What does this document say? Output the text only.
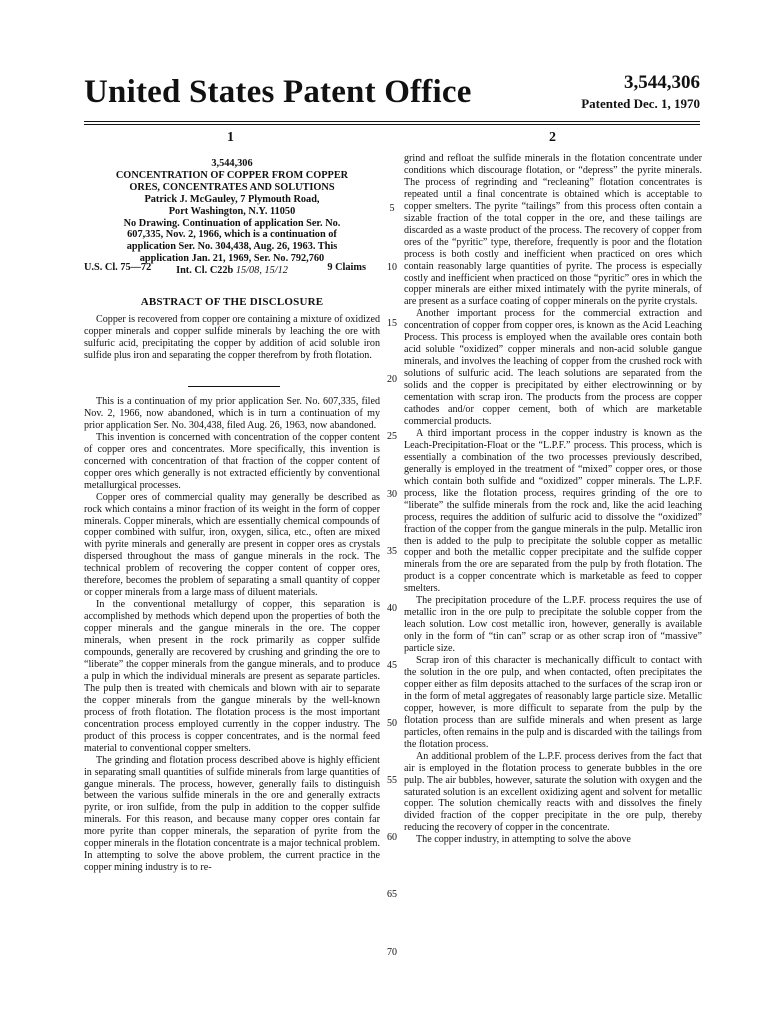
United States Patent Office	3,544,306
Patented Dec. 1, 1970
1	2
3,544,306
CONCENTRATION OF COPPER FROM COPPER
ORES, CONCENTRATES AND SOLUTIONS
Patrick J. McGauley, 7 Plymouth Road,
Port Washington, N.Y. 11050
No Drawing. Continuation of application Ser. No.
607,335, Nov. 2, 1966, which is a continuation of
application Ser. No. 304,438, Aug. 26, 1963. This
application Jan. 21, 1969, Ser. No. 792,760
Int. Cl. C22b 15/08, 15/12
U.S. Cl. 75—72	9 Claims
ABSTRACT OF THE DISCLOSURE

Copper is recovered from copper ore containing a mixture of oxidized copper minerals and copper sulfide minerals by leaching the ore with sulfuric acid, precipitating the copper by addition of acid soluble iron sulfide plus iron and separating the copper therefrom by froth flotation.

This is a continuation of my prior application Ser. No. 607,335, filed Nov. 2, 1966, now abandoned, which is in turn a continuation of my prior application Ser. No. 304,438, filed Aug. 26, 1963, now abandoned.

This invention is concerned with concentration of the copper content of copper ores and concentrates. More specifically, this invention is concerned with concentration of that fraction of the copper content of copper ores which generally is not extracted efficiently by conventional metallurgical processes.

Copper ores of commercial quality may generally be described as rock which contains a minor fraction of its weight in the form of copper minerals. Copper minerals, which are essentially chemical compounds of copper combined with sulfur, iron, oxygen, silica, etc., often are mixed with pyrite minerals and generally are present in copper ores as crystals dispersed throughout the mass of gangue minerals in the rock. The technical problem of recovering the copper content of copper ores, therefore, becomes the problem of separating a small quantity of copper or copper minerals from a large mass of diluent materials.

In the conventional metallurgy of copper, this separation is accomplished by methods which depend upon the properties of both the copper minerals and the gangue minerals in the ore. The copper minerals, when present in the rock primarily as copper sulfide compounds, generally are recovered by crushing and grinding the ore to “liberate” the copper minerals from the gangue minerals, and to produce a pulp in which the individual minerals are present as separate particles. The pulp then is treated with chemicals and blown with air to separate the copper minerals from the gangue minerals by the well-known process of froth flotation. The flotation process is the most important concentration process employed currently in the copper industry. The product of this process is copper concentrates, and is the normal feed material to conventional copper smelters.

The grinding and flotation process described above is highly efficient in separating small quantities of sulfide minerals from large quantities of gangue minerals. The process, however, generally fails to distinguish between the various sulfide minerals in the ore and generally extracts pyrite, or iron sulfide, from the pulp in addition to the copper sulfide minerals. For this reason, and because many copper ores contain far more pyrite than copper minerals, the separation of pyrite from the copper minerals in the flotation concentrate is a major technical problem. In attempting to solve the above problem, the current practice in the copper mining industry is to re-

grind and refloat the sulfide minerals in the flotation concentrate under conditions which discourage flotation, or “depress” the pyrite minerals. The process of regrinding and “recleaning” flotation concentrates is repeated until a final concentrate is obtained which is acceptable to copper smelters. The pyrite “tailings” from this process often contain a sizable fraction of the total copper in the ore, and these tailings are discarded as a waste product of the process. The recovery of copper from ores of the “pyritic” type, therefore, frequently is poor and the flotation process is both costly and inefficient when practiced on ores which contain reasonably large quantities of pyrite. The process is especially costly and inefficient when practiced on those “pyritic” ores in which the copper minerals are either mixed intimately with the pyrite minerals, of are present as a surface coating of copper minerals on the pyrite crystals.

Another important process for the commercial extraction and concentration of copper from copper ores, is known as the Acid Leaching Process. This process is employed when the available ores contain both acid soluble “oxidized” copper minerals and non-acid soluble gangue minerals, and involves the leaching of copper from the crushed rock with solutions of sulfuric acid. The leach solutions are separated from the solids and the copper is precipitated by either electrowinning or by cementation with scrap iron. The products from the process are copper cathodes and/or copper cement, both of which are marketable commercial products.

A third important process in the copper industry is known as the Leach-Precipitation-Float or the “L.P.F.” process. This process, which is essentially a combination of the two processes previously described, generally is employed in the treatment of “mixed” copper ores, or those which contain both sulfide and “oxidized” copper minerals. The L.P.F. process, like the flotation process, requires grinding of the ore to “liberate” the sulfide minerals from the rock and, like the acid leaching process, requires the addition of sulfuric acid to dissolve the “oxidized” fraction of the copper from the gangue minerals in the pulp. Metallic iron then is added to the pulp to precipitate the soluble copper as metallic copper and both the metallic copper precipitate and the sulfide copper minerals from the ore are separated from the pulp by froth flotation. The product is a copper concentrate which is marketable as feed to copper smelters.

The precipitation procedure of the L.P.F. process requires the use of metallic iron in the ore pulp to precipitate the soluble copper from the leach solution. Low cost metallic iron, however, generally is available only in the form of “tin can” scrap or as other scrap iron of “massive” particle size.

Scrap iron of this character is mechanically difficult to contact with the solution in the ore pulp, and when contacted, often precipitates the copper either as film deposits attached to the surfaces of the scrap iron or in the form of metal aggregates of reasonably large particle size. Metallic copper, however, is more difficult to separate from the pulp by the flotation process than are sulfide minerals and when present as large particles, often remains in the pulp and is discarded with the tailings from the flotation process.

An additional problem of the L.P.F. process derives from the fact that air is employed in the flotation process to generate bubbles in the ore pulp. The air bubbles, however, saturate the solution with oxygen and the saturated solution is an excellent oxidizing agent and solvent for metallic copper. The solution chemically reacts with and dissolves the finely divided fraction of the copper precipitate in the ore pulp, thereby reducing the recovery of copper in the concentrate.

The copper industry, in attempting to solve the above

5
10
15
20
25
30
35
40
45
50
55
60
65
70
